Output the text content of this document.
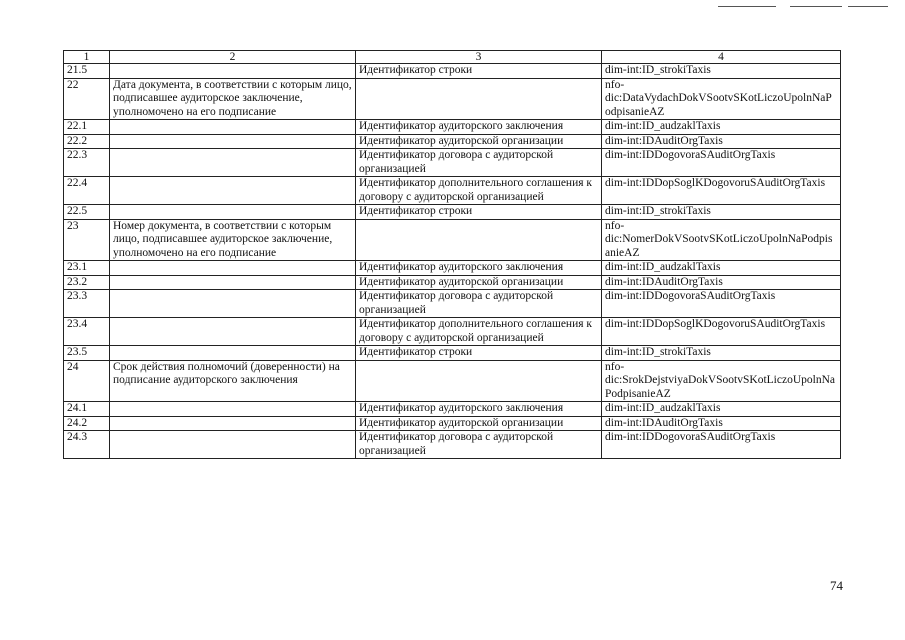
1	2	3	4
21.5		Идентификатор строки	dim-int:ID_strokiTaxis
22	Дата документа, в соответствии с которым лицо, подписавшее аудиторское заключение, уполномочено на его подписание		nfo-dic:DataVydachDokVSootvSKotLiczoUpolnNaPodpisanieAZ
22.1		Идентификатор аудиторского заключения	dim-int:ID_audzaklTaxis
22.2		Идентификатор аудиторской организации	dim-int:IDAuditOrgTaxis
22.3		Идентификатор договора с аудиторской организацией	dim-int:IDDogovoraSAuditOrgTaxis
22.4		Идентификатор дополнительного соглашения к договору с аудиторской организацией	dim-int:IDDopSoglKDogovoruSAuditOrgTaxis
22.5		Идентификатор строки	dim-int:ID_strokiTaxis
23	Номер документа, в соответствии с которым лицо, подписавшее аудиторское заключение, уполномочено на его подписание		nfo-dic:NomerDokVSootvSKotLiczoUpolnNaPodpisanieAZ
23.1		Идентификатор аудиторского заключения	dim-int:ID_audzaklTaxis
23.2		Идентификатор аудиторской организации	dim-int:IDAuditOrgTaxis
23.3		Идентификатор договора с аудиторской организацией	dim-int:IDDogovoraSAuditOrgTaxis
23.4		Идентификатор дополнительного соглашения к договору с аудиторской организацией	dim-int:IDDopSoglKDogovoruSAuditOrgTaxis
23.5		Идентификатор строки	dim-int:ID_strokiTaxis
24	Срок действия полномочий (доверенности) на подписание аудиторского заключения		nfo-dic:SrokDejstviyaDokVSootvSKotLiczoUpolnNaPodpisanieAZ
24.1		Идентификатор аудиторского заключения	dim-int:ID_audzaklTaxis
24.2		Идентификатор аудиторской организации	dim-int:IDAuditOrgTaxis
24.3		Идентификатор договора с аудиторской организацией	dim-int:IDDogovoraSAuditOrgTaxis
74
